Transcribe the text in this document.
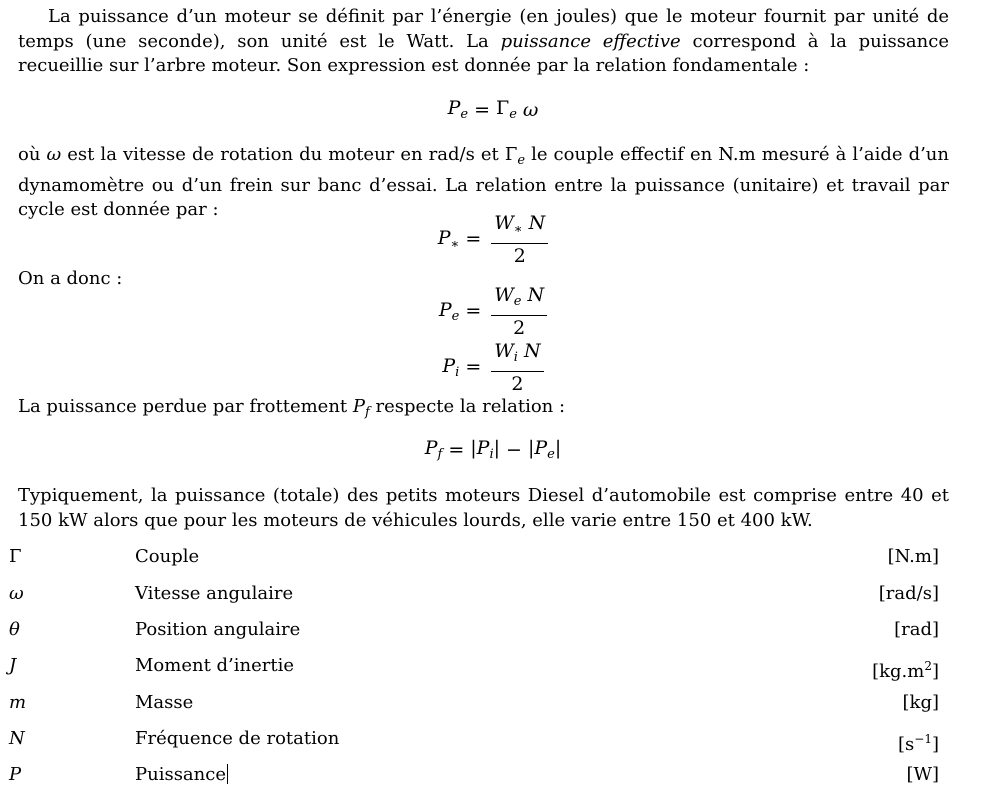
La puissance d’un moteur se définit par l’énergie (en joules) que le moteur fournit par unité de temps (une seconde), son unité est le Watt. La puissance effective correspond à la puissance recueillie sur l’arbre moteur. Son expression est donnée par la relation fondamentale :

$P_e = \Gamma_e$ ω

où ω est la vitesse de rotation du moteur en rad/s et $\Gamma_e$ le couple effectif en N.m mesuré à l’aide d’un dynamomètre ou d’un frein sur banc d’essai. La relation entre la puissance (unitaire) et travail par cycle est donnée par :

$P_∗ = \frac{W_∗ N}{2}$

On a donc :

$P_e = \frac{W_e N}{2}$
$P_i = \frac{W_i N}{2}$

La puissance perdue par frottement $P_f$ respecte la relation :

$P_f = |P_i| - |P_e|$

Typiquement, la puissance (totale) des petits moteurs Diesel d’automobile est comprise entre 40 et 150 kW alors que pour les moteurs de véhicules lourds, elle varie entre 150 et 400 kW.

Γ	Couple	[N.m]
ω	Vitesse angulaire	[rad/s]
θ	Position angulaire	[rad]
J	Moment d’inertie	$[kg.m^2]$
m	Masse	[kg]
N	Fréquence de rotation	$[s^{-1}]$
P	Puissance	[W]
